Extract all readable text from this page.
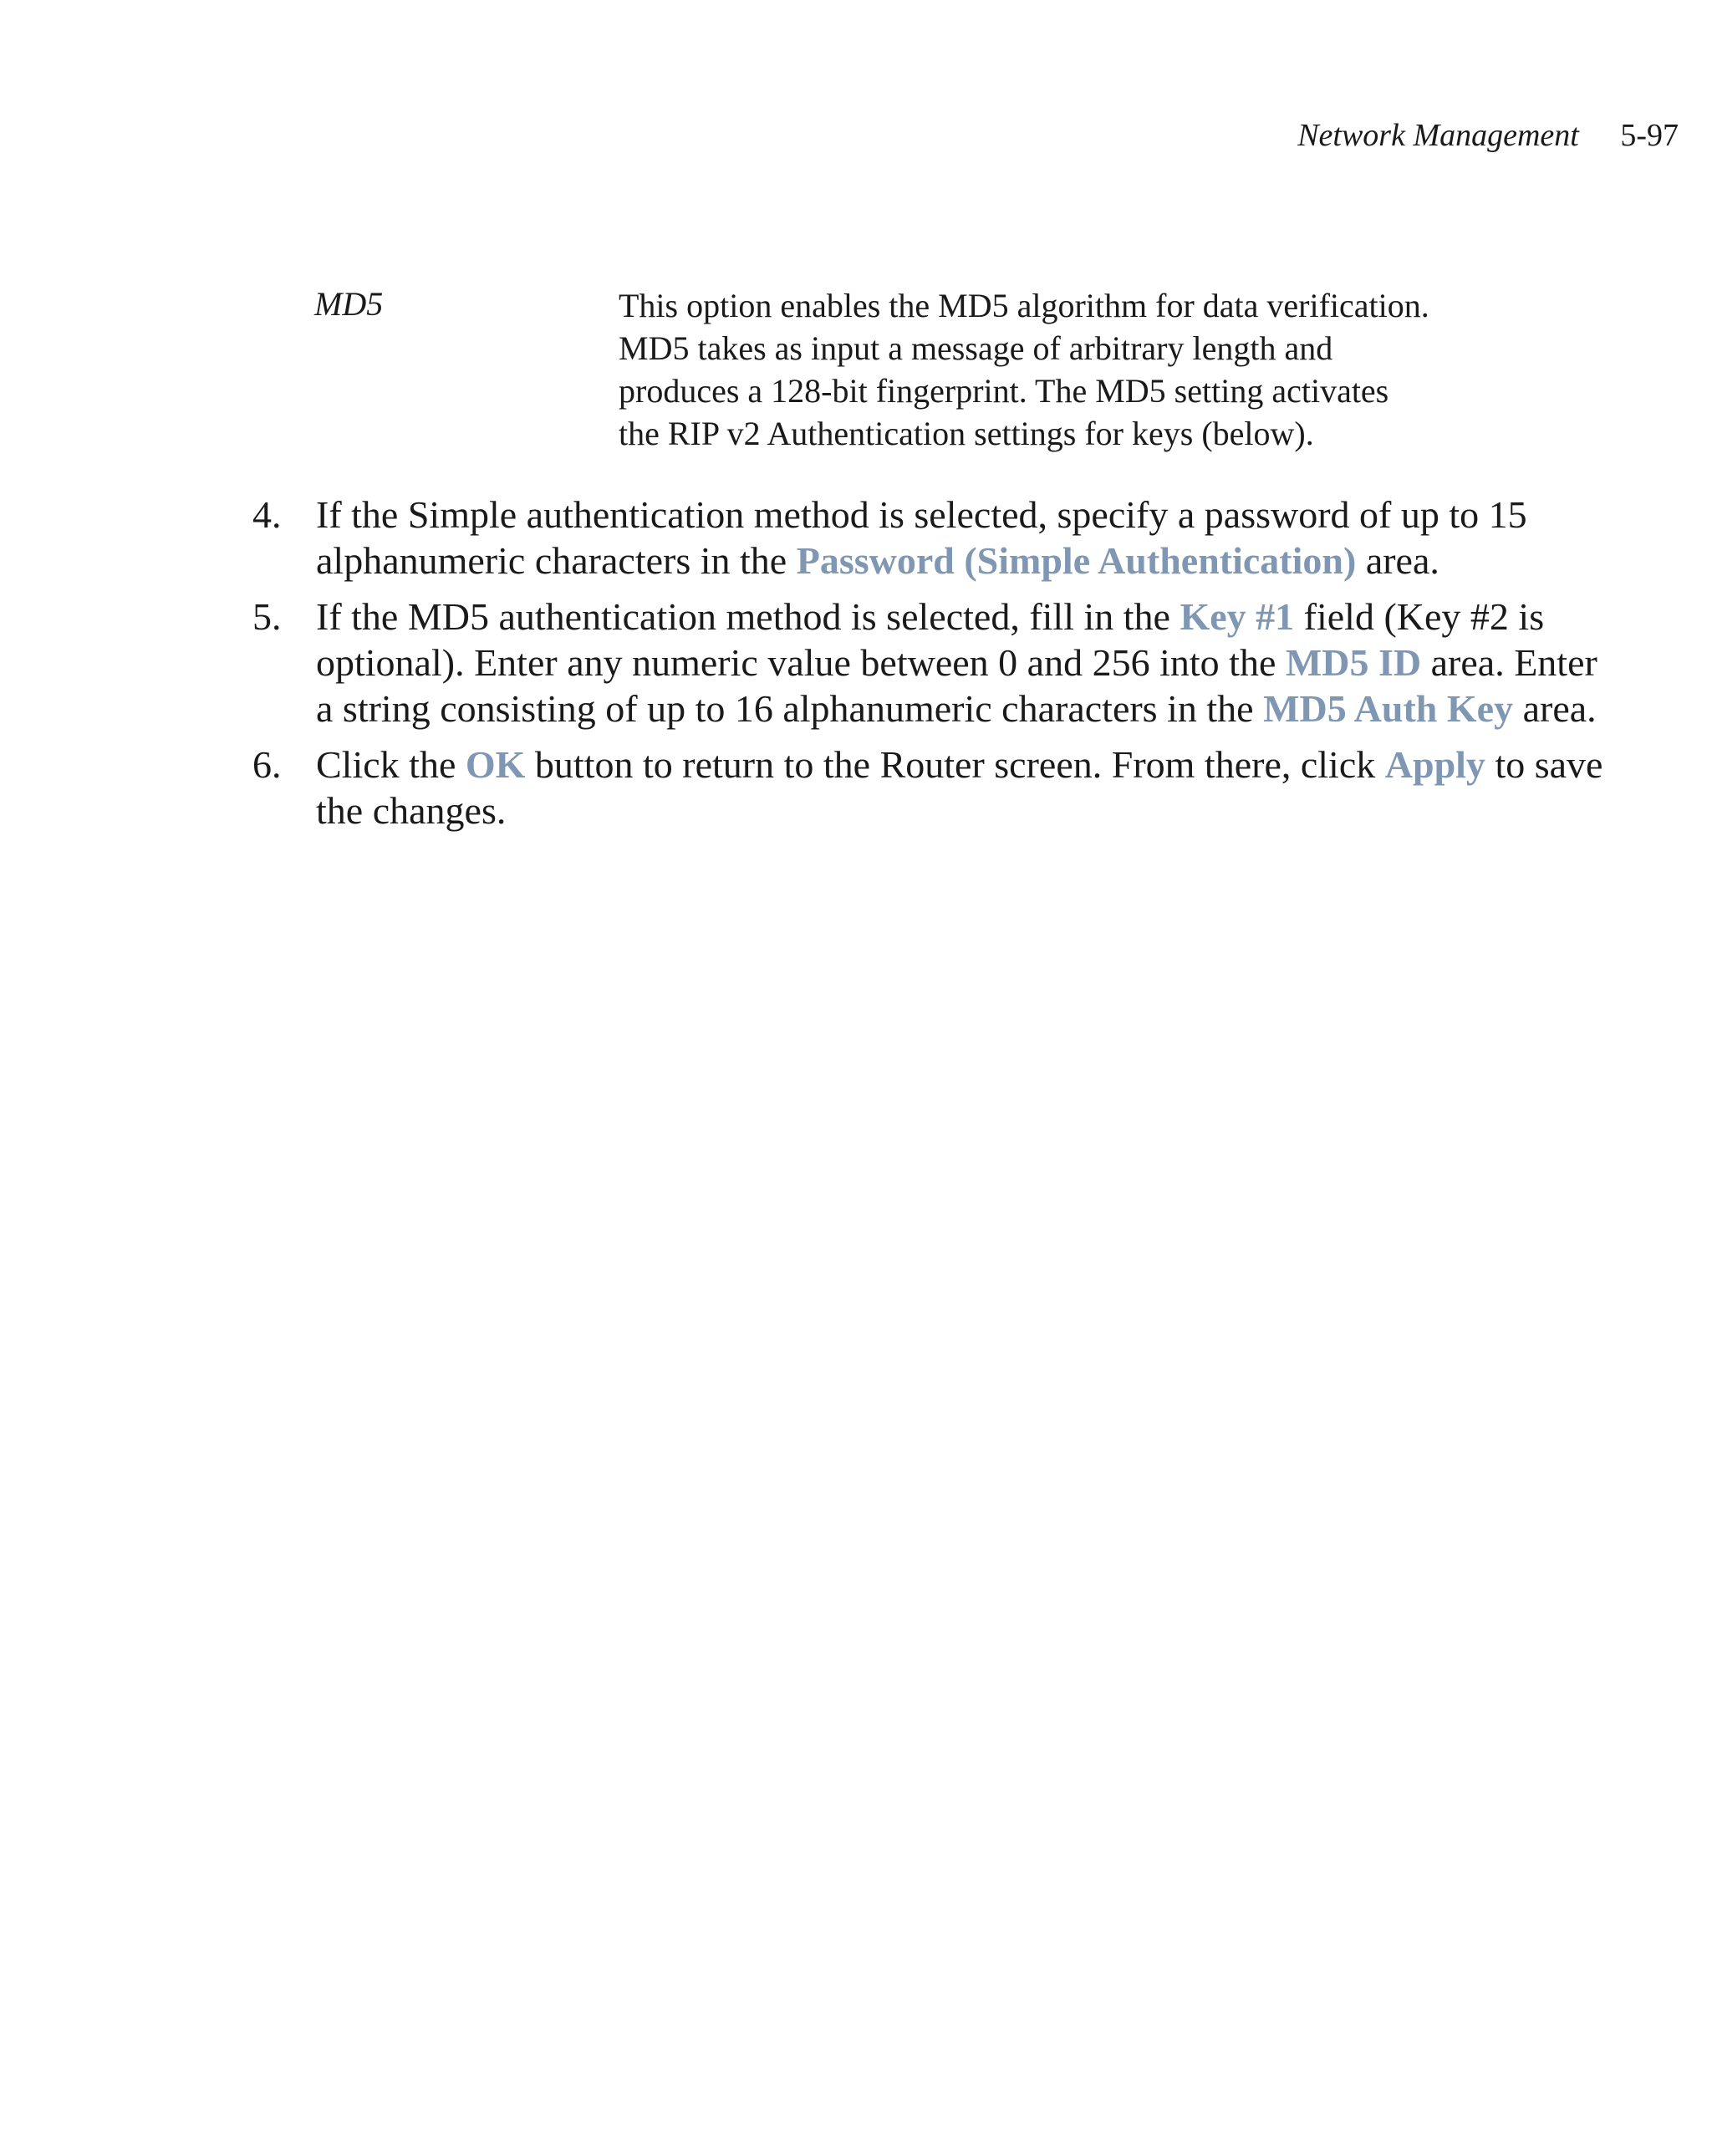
Network Management 5-97
MD5	This option enables the MD5 algorithm for data verification.
MD5 takes as input a message of arbitrary length and
produces a 128-bit fingerprint. The MD5 setting activates
the RIP v2 Authentication settings for keys (below).
4. If the Simple authentication method is selected, specify a password of up to 15
alphanumeric characters in the Password (Simple Authentication) area.
5. If the MD5 authentication method is selected, fill in the Key #1 field (Key #2 is
optional). Enter any numeric value between 0 and 256 into the MD5 ID area. Enter
a string consisting of up to 16 alphanumeric characters in the MD5 Auth Key area.
6. Click the OK button to return to the Router screen. From there, click Apply to save
the changes.
